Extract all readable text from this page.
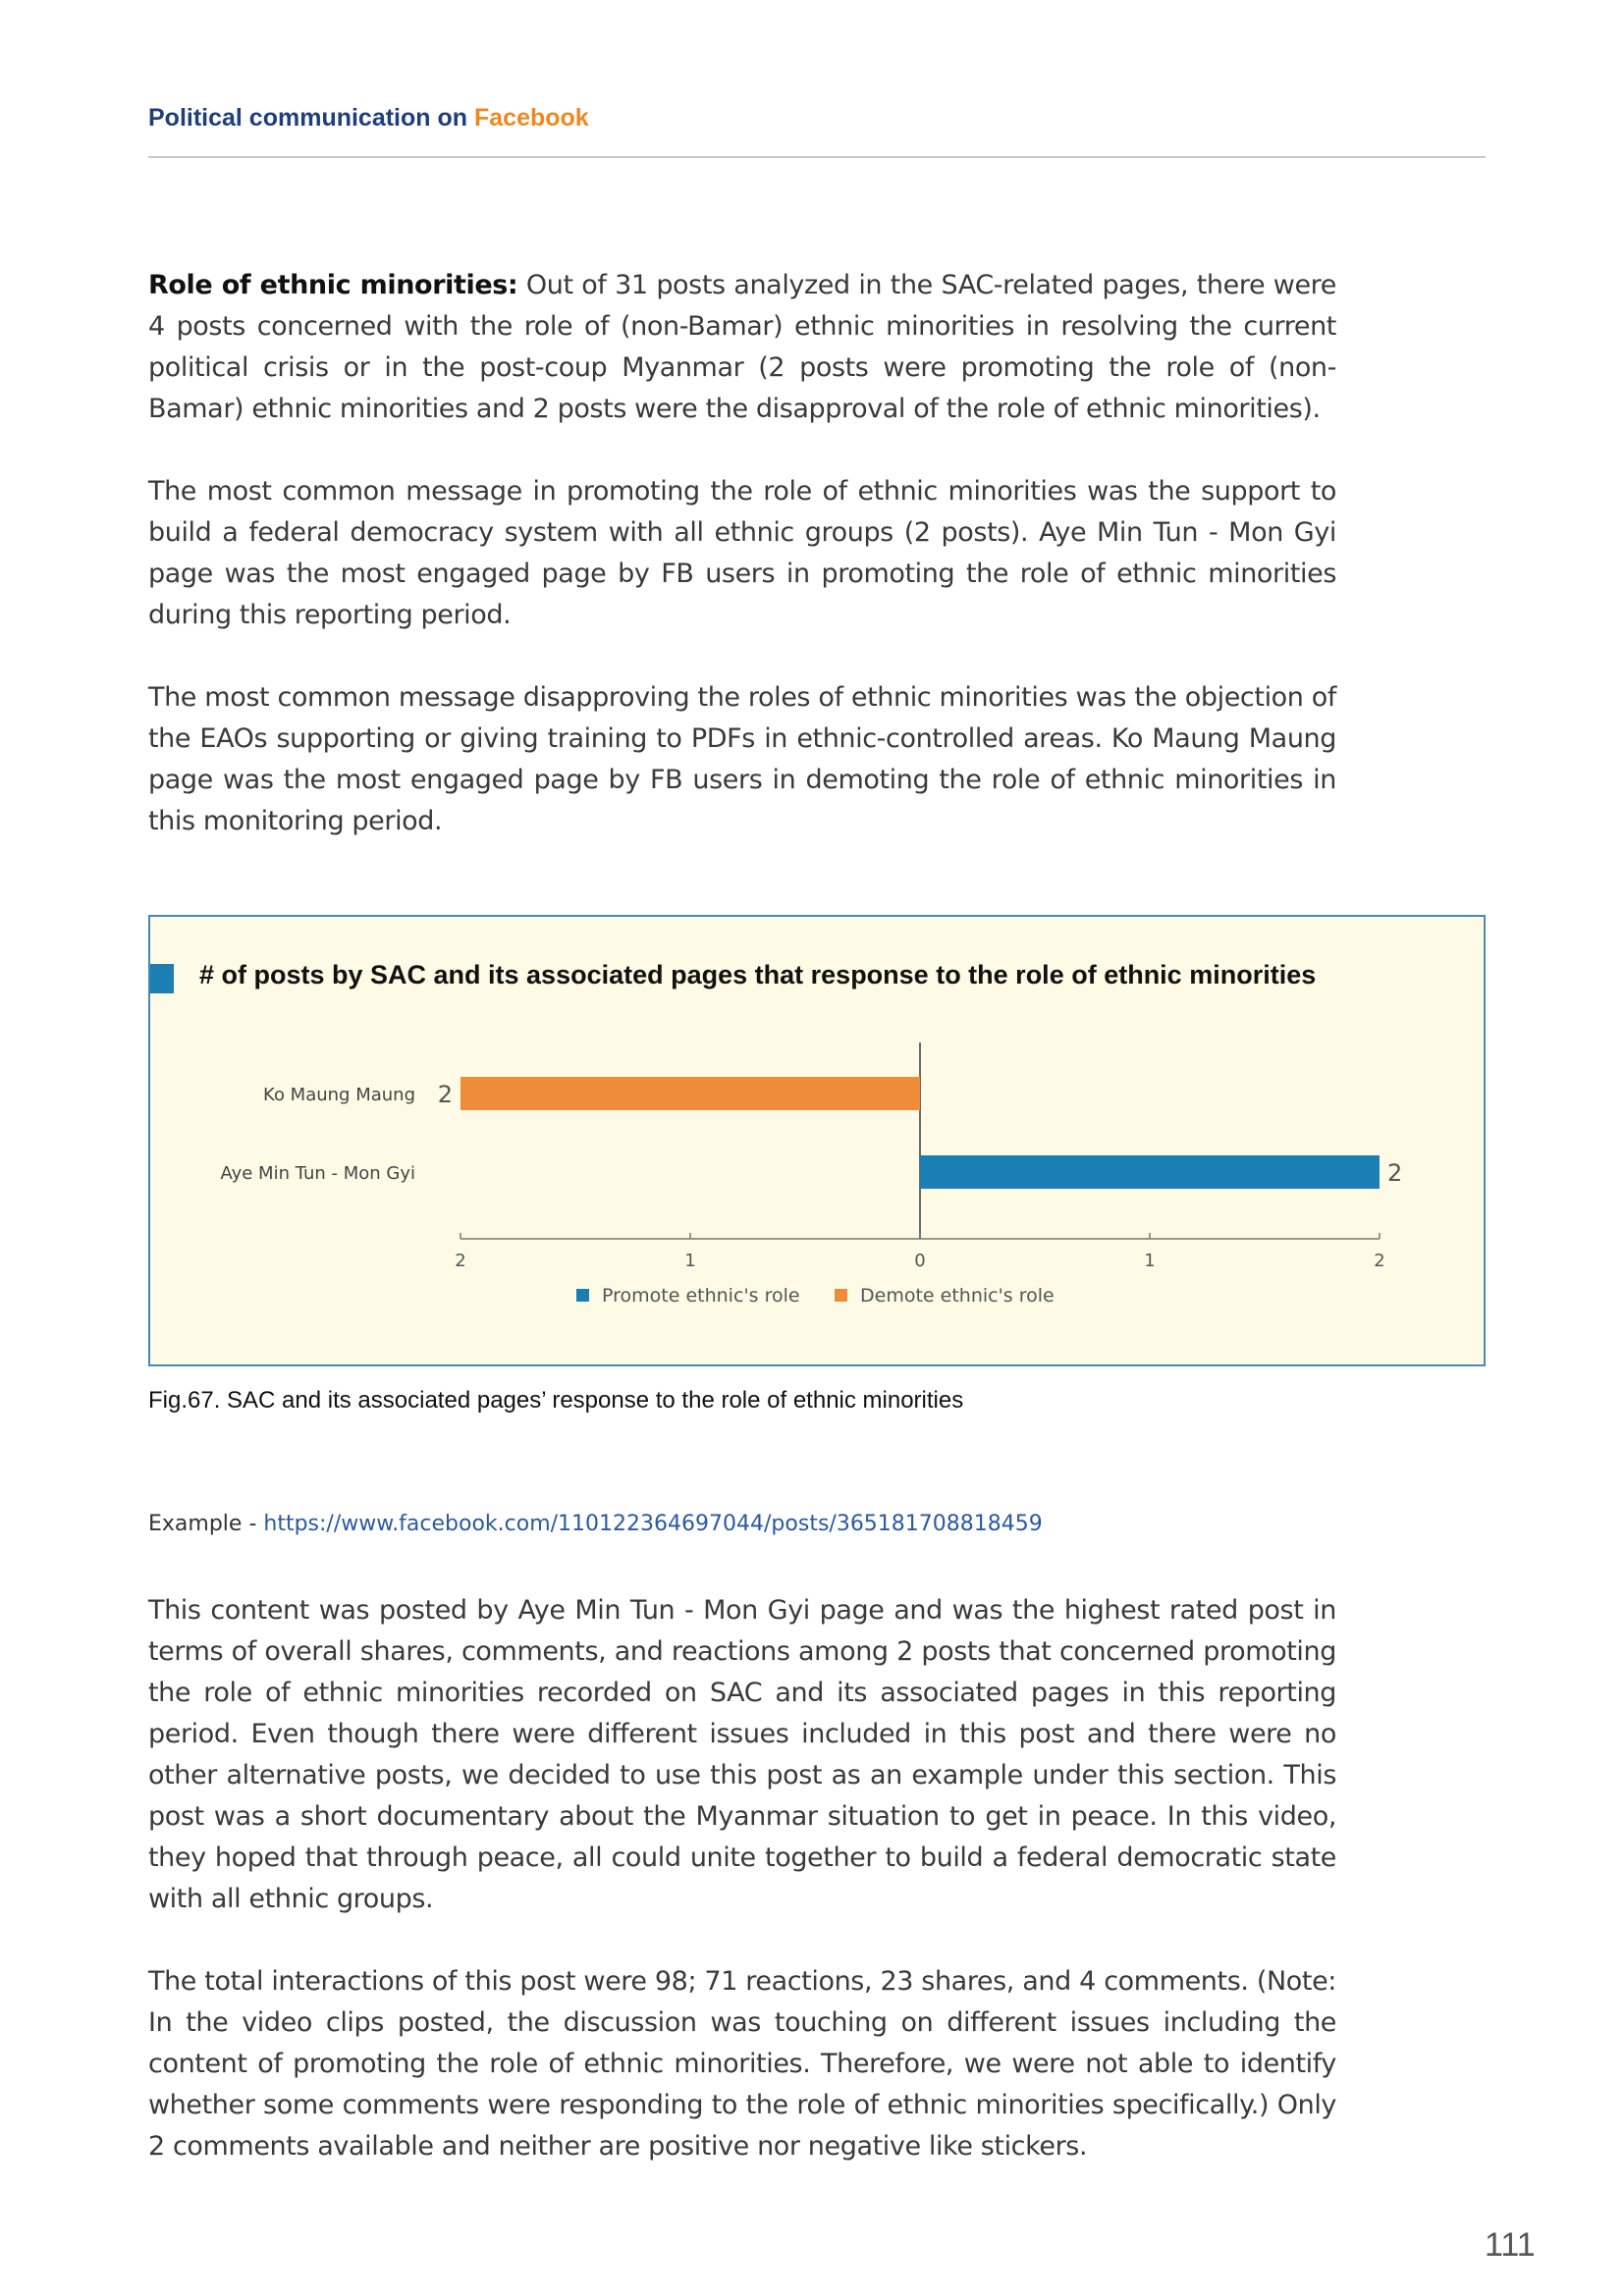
Political communication on Facebook

Role of ethnic minorities: Out of 31 posts analyzed in the SAC-related pages, there were 4 posts concerned with the role of (non-Bamar) ethnic minorities in resolving the current political crisis or in the post-coup Myanmar (2 posts were promoting the role of (non-Bamar) ethnic minorities and 2 posts were the disapproval of the role of ethnic minorities).

The most common message in promoting the role of ethnic minorities was the support to build a federal democracy system with all ethnic groups (2 posts). Aye Min Tun - Mon Gyi page was the most engaged page by FB users in promoting the role of ethnic minorities during this reporting period.

The most common message disapproving the roles of ethnic minorities was the objection of the EAOs supporting or giving training to PDFs in ethnic-controlled areas. Ko Maung Maung page was the most engaged page by FB users in demoting the role of ethnic minorities in this monitoring period.

# of posts by SAC and its associated pages that response to the role of ethnic minorities
Ko Maung Maung
Aye Min Tun - Mon Gyi	2
2
2	1	0	1	2
Promote ethnic's role	Demote ethnic's role
Fig.67. SAC and its associated pages’ response to the role of ethnic minorities
Example - https://www.facebook.com/110122364697044/posts/365181708818459

This content was posted by Aye Min Tun - Mon Gyi page and was the highest rated post in terms of overall shares, comments, and reactions among 2 posts that concerned promoting the role of ethnic minorities recorded on SAC and its associated pages in this reporting period. Even though there were different issues included in this post and there were no other alternative posts, we decided to use this post as an example under this section. This post was a short documentary about the Myanmar situation to get in peace. In this video, they hoped that through peace, all could unite together to build a federal democratic state with all ethnic groups.

The total interactions of this post were 98; 71 reactions, 23 shares, and 4 comments. (Note: In the video clips posted, the discussion was touching on different issues including the content of promoting the role of ethnic minorities. Therefore, we were not able to identify whether some comments were responding to the role of ethnic minorities specifically.) Only 2 comments available and neither are positive nor negative like stickers.

111
